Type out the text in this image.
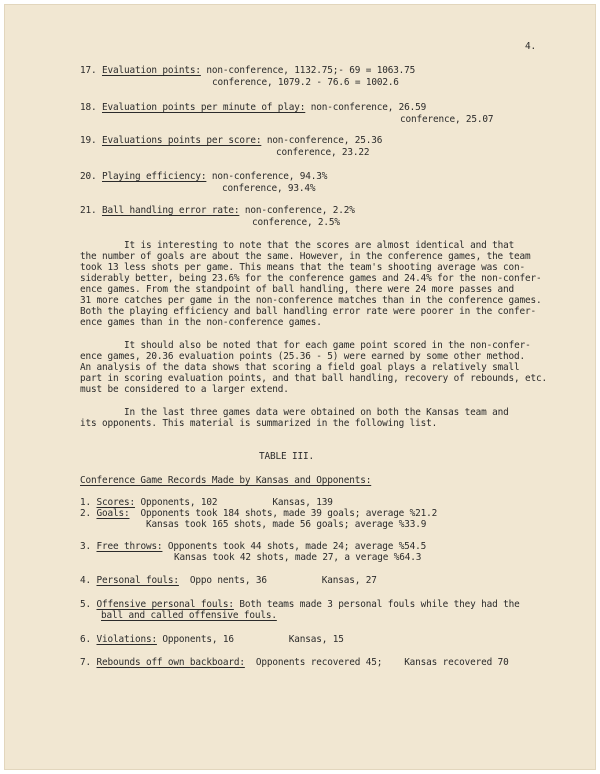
4.
17. Evaluation points: non-conference, 1132.75;- 69 = 1063.75
conference, 1079.2 - 76.6 = 1002.6
18. Evaluation points per minute of play: non-conference, 26.59
conference, 25.07
19. Evaluations points per score: non-conference, 25.36
conference, 23.22
20. Playing efficiency: non-conference, 94.3%
conference, 93.4%
21. Ball handling error rate: non-conference, 2.2%
conference, 2.5%
It is interesting to note that the scores are almost identical and that
the number of goals are about the same. However, in the conference games, the team
took 13 less shots per game. This means that the team's shooting average was con-
siderably better, being 23.6% for the conference games and 24.4% for the non-confer-
ence games. From the standpoint of ball handling, there were 24 more passes and
31 more catches per game in the non-conference matches than in the conference games.
Both the playing efficiency and ball handling error rate were poorer in the confer-
ence games than in the non-conference games.
It should also be noted that for each game point scored in the non-confer-
ence games, 20.36 evaluation points (25.36 - 5) were earned by some other method.
An analysis of the data shows that scoring a field goal plays a relatively small
part in scoring evaluation points, and that ball handling, recovery of rebounds, etc.
must be considered to a larger extend.
In the last three games data were obtained on both the Kansas team and
its opponents. This material is summarized in the following list.
TABLE III.
Conference Game Records Made by Kansas and Opponents:
1. Scores: Opponents, 102          Kansas, 139
2. Goals:  Opponents took 184 shots, made 39 goals; average %21.2
Kansas took 165 shots, made 56 goals; average %33.9
3. Free throws: Opponents took 44 shots, made 24; average %54.5
Kansas took 42 shots, made 27, a verage %64.3
4. Personal fouls:  Oppo nents, 36          Kansas, 27
5. Offensive personal fouls: Both teams made 3 personal fouls while they had the
ball and called offensive fouls.
6. Violations: Opponents, 16          Kansas, 15
7. Rebounds off own backboard:  Opponents recovered 45;    Kansas recovered 70
